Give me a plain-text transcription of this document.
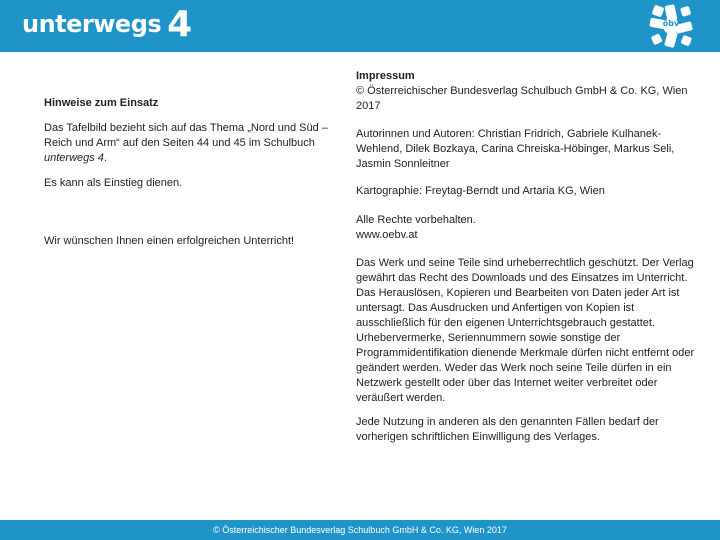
unterwegs 4	öbv
Hinweise zum Einsatz

Das Tafelbild bezieht sich auf das Thema „Nord und Süd – Reich und Arm“ auf den Seiten 44 und 45 im Schulbuch unterwegs 4.

Es kann als Einstieg dienen.

Wir wünschen Ihnen einen erfolgreichen Unterricht!

Impressum
© Österreichischer Bundesverlag Schulbuch GmbH & Co. KG, Wien 2017

Autorinnen und Autoren: Christian Fridrich, Gabriele Kulhanek-Wehlend, Dilek Bozkaya, Carina Chreiska-Höbinger, Markus Seli, Jasmin Sonnleitner

Kartographie: Freytag-Berndt und Artaria KG, Wien

Alle Rechte vorbehalten.
www.oebv.at

Das Werk und seine Teile sind urheberrechtlich geschützt. Der Verlag gewährt das Recht des Downloads und des Einsatzes im Unterricht. Das Herauslösen, Kopieren und Bearbeiten von Daten jeder Art ist untersagt. Das Ausdrucken und Anfertigen von Kopien ist ausschließlich für den eigenen Unterrichtsgebrauch gestattet. Urhebervermerke, Seriennummern sowie sonstige der Programmidentifikation dienende Merkmale dürfen nicht entfernt oder geändert werden. Weder das Werk noch seine Teile dürfen in ein Netzwerk gestellt oder über das Internet weiter verbreitet oder veräußert werden.

Jede Nutzung in anderen als den genannten Fällen bedarf der vorherigen schriftlichen Einwilligung des Verlages.

© Österreichischer Bundesverlag Schulbuch GmbH & Co. KG, Wien 2017
